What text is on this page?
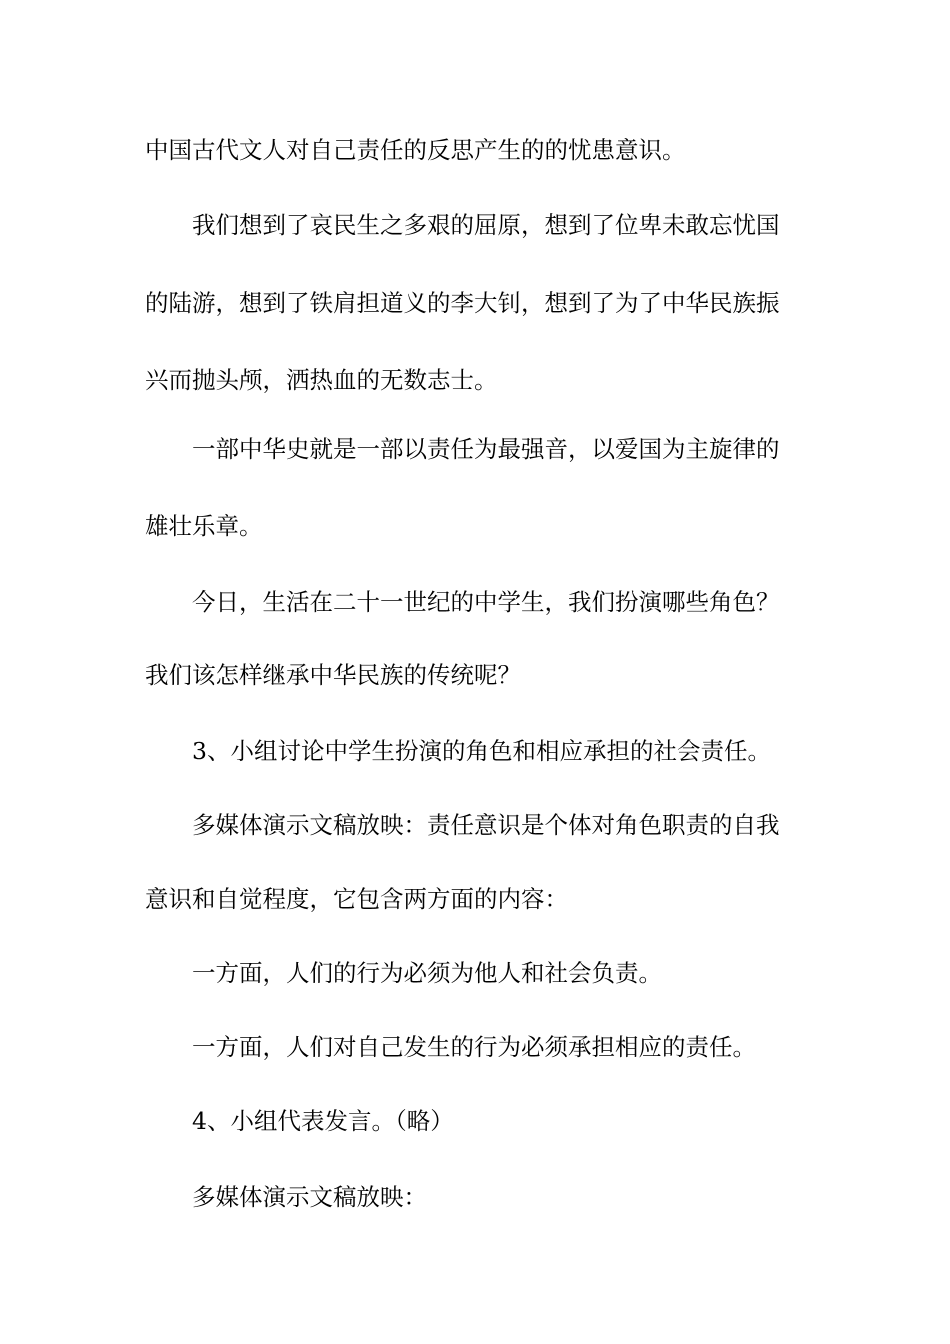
中国古代文人对自己责任的反思产生的的忧患意识。

我们想到了哀民生之多艰的屈原，想到了位卑未敢忘忧国

的陆游，想到了铁肩担道义的李大钊，想到了为了中华民族振

兴而抛头颅，洒热血的无数志士。

一部中华史就是一部以责任为最强音，以爱国为主旋律的

雄壮乐章。

今日，生活在二十一世纪的中学生，我们扮演哪些角色？

我们该怎样继承中华民族的传统呢？

3、小组讨论中学生扮演的角色和相应承担的社会责任。

多媒体演示文稿放映：责任意识是个体对角色职责的自我

意识和自觉程度，它包含两方面的内容：

一方面，人们的行为必须为他人和社会负责。

一方面，人们对自己发生的行为必须承担相应的责任。

4、小组代表发言。（略）

多媒体演示文稿放映：
